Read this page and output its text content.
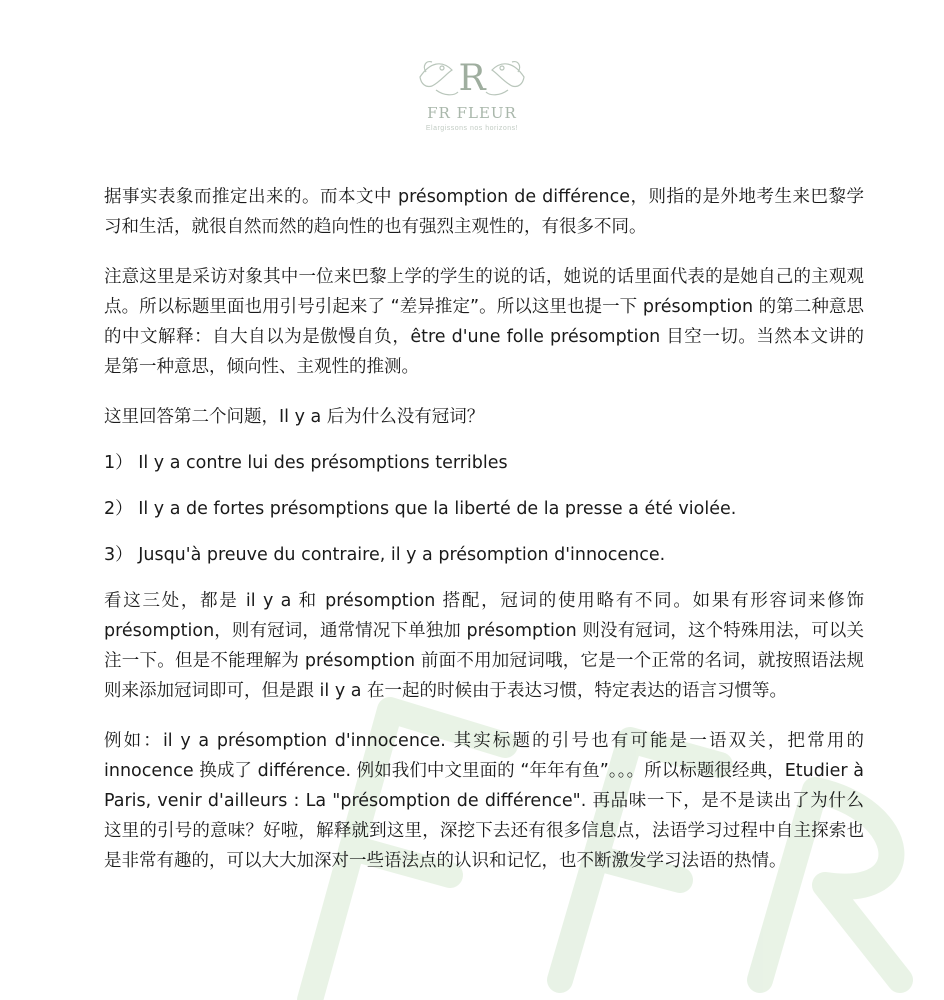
R
FR FLEUR
Elargissons nos horizons!

据事实表象而推定出来的。而本文中 présomption de différence，则指的是外地考生来巴黎学习和生活，就很自然而然的趋向性的也有强烈主观性的，有很多不同。

注意这里是采访对象其中一位来巴黎上学的学生的说的话，她说的话里面代表的是她自己的主观观点。所以标题里面也用引号引起来了 “差异推定”。所以这里也提一下 présomption 的第二种意思的中文解释：自大自以为是傲慢自负，être d'une folle présomption 目空一切。当然本文讲的是第一种意思，倾向性、主观性的推测。

这里回答第二个问题，Il y a 后为什么没有冠词？

1） Il y a contre lui des présomptions terribles

2） Il y a de fortes présomptions que la liberté de la presse a été violée.

3） Jusqu'à preuve du contraire, il y a présomption d'innocence.

看这三处，都是 il y a 和 présomption 搭配，冠词的使用略有不同。如果有形容词来修饰 présomption，则有冠词，通常情况下单独加 présomption 则没有冠词，这个特殊用法，可以关注一下。但是不能理解为 présomption 前面不用加冠词哦，它是一个正常的名词，就按照语法规则来添加冠词即可，但是跟 il y a 在一起的时候由于表达习惯，特定表达的语言习惯等。

例如：il y a présomption d'innocence. 其实标题的引号也有可能是一语双关，把常用的 innocence 换成了 différence. 例如我们中文里面的 “年年有鱼”。。。所以标题很经典，Etudier à Paris, venir d'ailleurs : La "présomption de différence". 再品味一下，是不是读出了为什么这里的引号的意味？好啦，解释就到这里，深挖下去还有很多信息点，法语学习过程中自主探索也是非常有趣的，可以大大加深对一些语法点的认识和记忆，也不断激发学习法语的热情。
